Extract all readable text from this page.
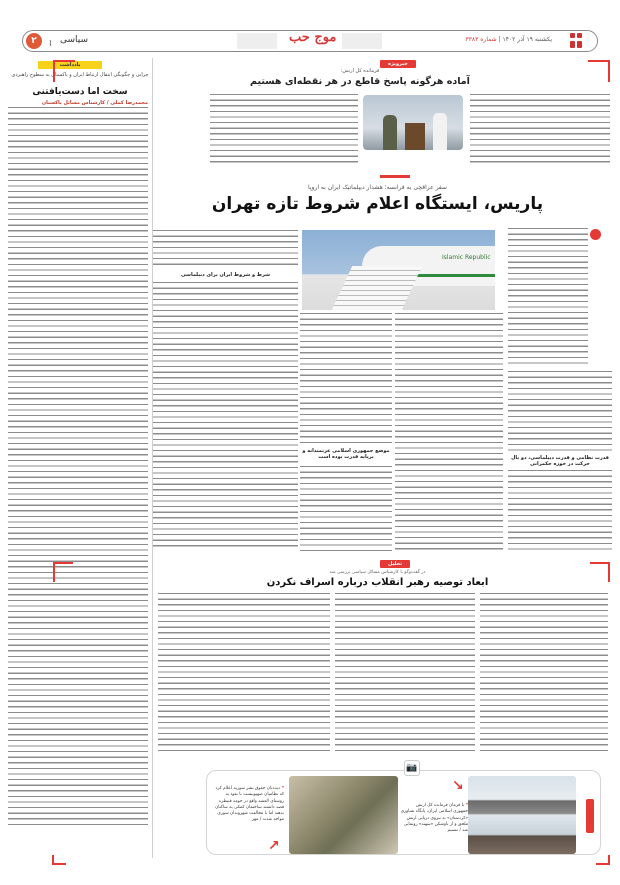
۲	⌇ سیاسی	موج حب	یکشنبه ۱۹ آذر ۱۴۰۲ | شماره ۳۳۸۳
یادداشت
چرایی و چگونگی انتقال ارتباط ایران و پاکستان به سطوح راهبردی
سخت اما دست‌یافتنی
محمدرضا کملی / کارشناس مسائل پاکستان
خبرویژه
فرمانده کل ارتش:
آماده هرگونه پاسخ قاطع در هر نقطه‌ای هستیم
سفر عراقچی به فرانسه؛ هشدار دیپلماتیک ایران به اروپا
پاریس، ایستگاه اعلام شروط تازه تهران
قدرت نظامی و قدرت دیپلماسی، دو بال حرکت در حوزه حکمرانی
Islamic Republic
موضع جمهوری اسلامی عزتمندانه و برپایه قدرت بوده است
شرط و شروط ایران برای دیپلماسی
تحلیل
در گفت‌وگو با کارشناس مسائل سیاسی بررسی شد
ابعاد توصیه رهبر انقلاب درباره اسراف نکردن
📷
↘
❝ با فرمان فرمانده کل ارتش جمهوری اسلامی ایران، پایگاه شناوری «کردستان» به نیروی دریایی ارتش ملحق و از ناوشکن «سهند» رونمایی شد / تسنیم
❝ دیده‌بان حقوق بشر سوریه اعلام کرد که نظامیان صهیونیست با نفوذ به روستای العشه واقع در حومه قنیطره قصد داشتند ساختمان کمکی به ساکنان بدهند اما با مخالفت شهروندان سوری مواجه شدند / مهر
↗
